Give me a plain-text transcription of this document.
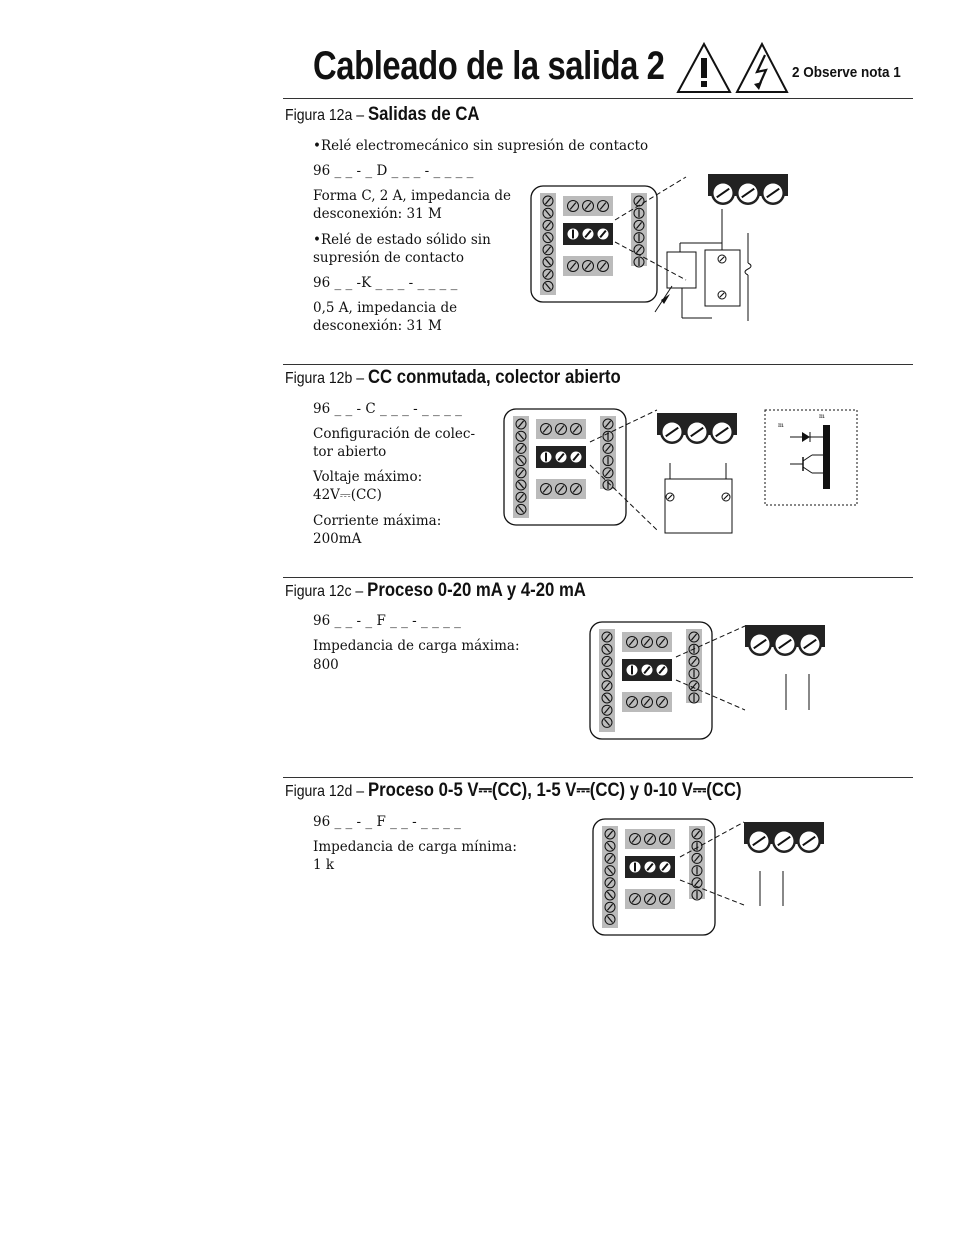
Cableado de la salida 2	2 Observe nota 1
Figura 12a – Salidas de CA
•Relé electromecánico sin supresión de contacto
96 _ _ - _ D _ _ _ - _ _ _ _
Forma C, 2 A, impedancia de
desconexión: 31 M
•Relé de estado sólido sin
supresión de contacto
96 _ _ -K _ _ _ - _ _ _ _
0,5 A, impedancia de
desconexión: 31 M
Figura 12b – CC conmutada, colector abierto
96 _ _ - C _ _ _ - _ _ _ _
Configuración de colec-
tor abierto
Voltaje máximo:
42V⎓(CC)
Corriente máxima:
200mA
m
m
Figura 12c – Proceso 0-20 mA y 4-20 mA
96 _ _ - _ F _ _ - _ _ _ _
Impedancia de carga máxima:
800
Figura 12d – Proceso 0-5 V⎓(CC), 1-5 V⎓(CC) y 0-10 V⎓(CC)
96 _ _ - _ F _ _ - _ _ _ _
Impedancia de carga mínima:
1 k
